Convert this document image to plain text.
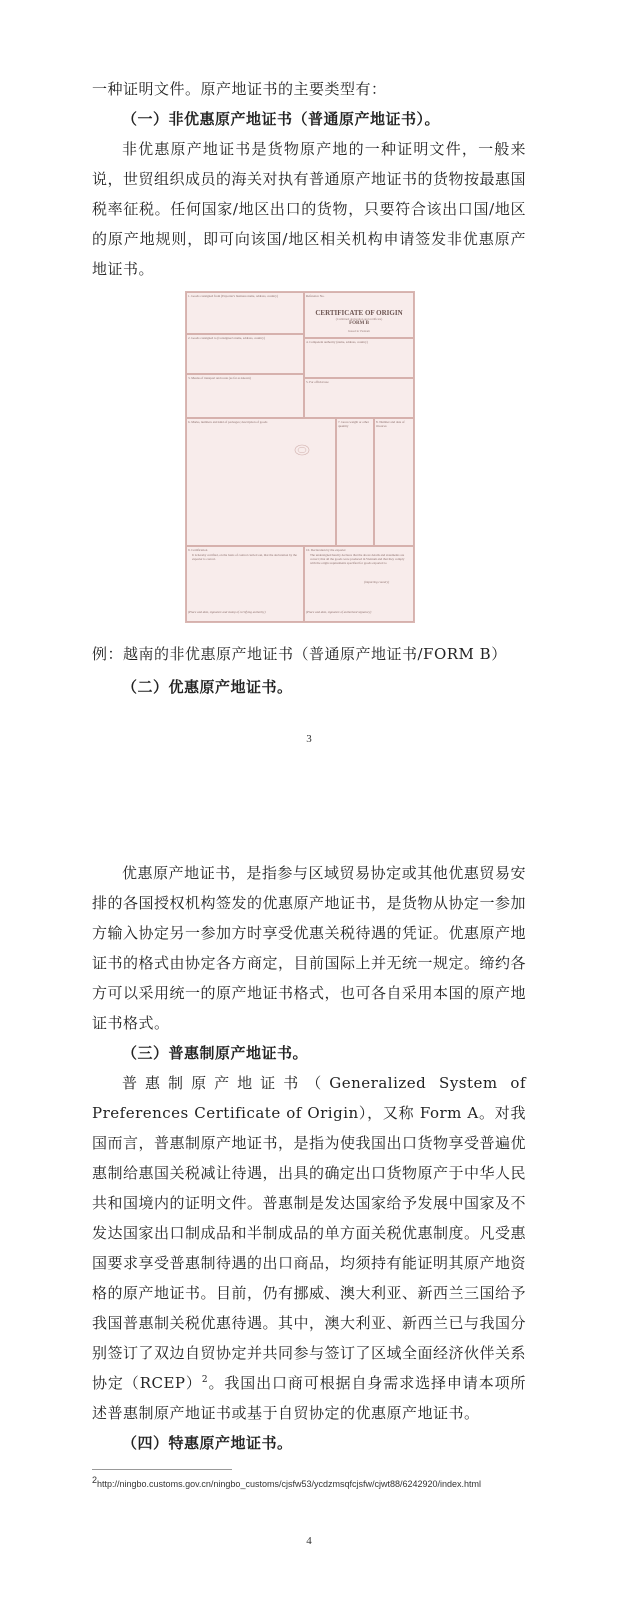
一种证明文件。原产地证书的主要类型有：

（一）非优惠原产地证书（普通原产地证书）。

非优惠原产地证书是货物原产地的一种证明文件，一般来说，世贸组织成员的海关对执有普通原产地证书的货物按最惠国税率征税。任何国家/地区出口的货物，只要符合该出口国/地区的原产地规则，即可向该国/地区相关机构申请签发非优惠原产地证书。

1. Goods consigned from (Exporter's business name, address, country)
2. Goods consigned to (Consignee's name, address, country)
3. Means of transport and route (as far as known)
Reference No.
CERTIFICATE OF ORIGIN
(Combined declaration and certificate)
FORM B
Issued in Vietnam
4. Competent authority (name, address, country)
5. For official use
6. Marks, numbers and kind of packages; description of goods	7. Gross weight or other quantity
8. Number and date of invoices
9. Certification
It is hereby certified, on the basis of control carried out, that the declaration by the exporter is correct.
(Place and date, signature and stamp of certifying authority)
10. Declaration by the exporter
The undersigned hereby declares that the above details and statements are correct; that all the goods were produced in Vietnam and that they comply with the origin requirements specified for goods exported to
(importing country)
(Place and date, signature of authorized signatory)
例：越南的非优惠原产地证书（普通原产地证书/FORM B）

（二）优惠原产地证书。

3

优惠原产地证书，是指参与区域贸易协定或其他优惠贸易安排的各国授权机构签发的优惠原产地证书，是货物从协定一参加方输入协定另一参加方时享受优惠关税待遇的凭证。优惠原产地证书的格式由协定各方商定，目前国际上并无统一规定。缔约各方可以采用统一的原产地证书格式，也可各自采用本国的原产地证书格式。

（三）普惠制原产地证书。

普惠制原产地证书（Generalized System of Preferences Certificate of Origin），又称 Form A。对我国而言，普惠制原产地证书，是指为使我国出口货物享受普遍优惠制给惠国关税减让待遇，出具的确定出口货物原产于中华人民共和国境内的证明文件。普惠制是发达国家给予发展中国家及不发达国家出口制成品和半制成品的单方面关税优惠制度。凡受惠国要求享受普惠制待遇的出口商品，均须持有能证明其原产地资格的原产地证书。目前，仍有挪威、澳大利亚、新西兰三国给予我国普惠制关税优惠待遇。其中，澳大利亚、新西兰已与我国分别签订了双边自贸协定并共同参与签订了区域全面经济伙伴关系协定（RCEP）$^2$。我国出口商可根据自身需求选择申请本项所述普惠制原产地证书或基于自贸协定的优惠原产地证书。

（四）特惠原产地证书。

$^2$http://ningbo.customs.gov.cn/ningbo_customs/cjsfw53/ycdzmsqfcjsfw/cjwt88/6242920/index.html
4
